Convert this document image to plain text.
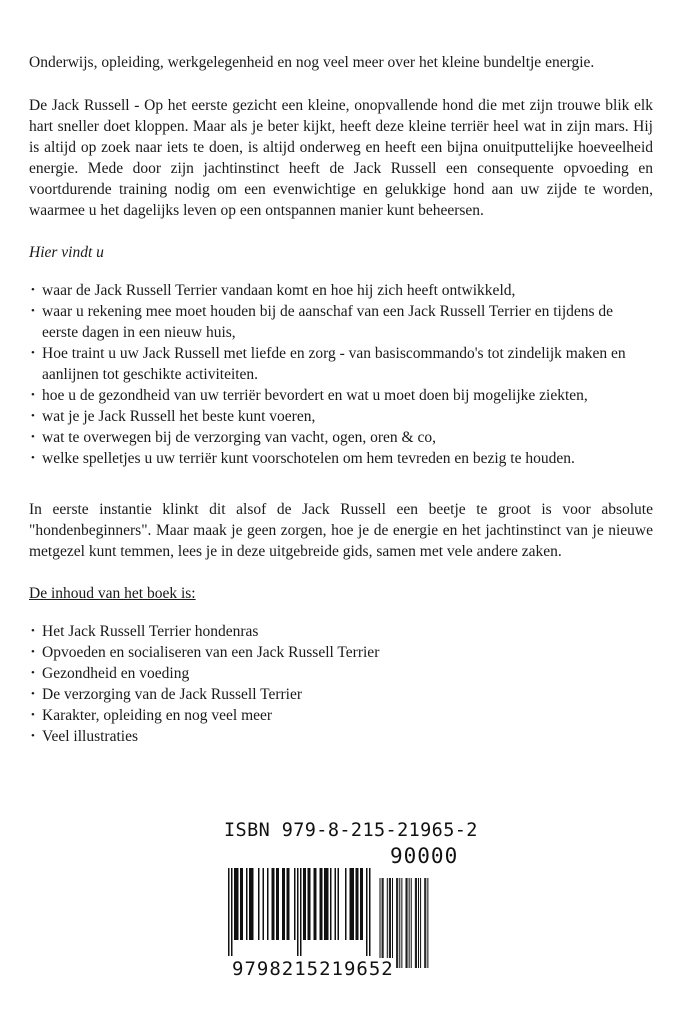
Onderwijs, opleiding, werkgelegenheid en nog veel meer over het kleine bundeltje energie.

De Jack Russell - Op het eerste gezicht een kleine, onopvallende hond die met zijn trouwe blik elk hart sneller doet kloppen. Maar als je beter kijkt, heeft deze kleine terriër heel wat in zijn mars. Hij is altijd op zoek naar iets te doen, is altijd onderweg en heeft een bijna onuitputtelijke hoeveelheid energie. Mede door zijn jachtinstinct heeft de Jack Russell een consequente opvoeding en voortdurende training nodig om een evenwichtige en gelukkige hond aan uw zijde te worden, waarmee u het dagelijks leven op een ontspannen manier kunt beheersen.

Hier vindt u

• waar de Jack Russell Terrier vandaan komt en hoe hij zich heeft ontwikkeld,
• waar u rekening mee moet houden bij de aanschaf van een Jack Russell Terrier en tijdens de eerste dagen in een nieuw huis,
• Hoe traint u uw Jack Russell met liefde en zorg - van basiscommando's tot zindelijk maken en aanlijnen tot geschikte activiteiten.
• hoe u de gezondheid van uw terriër bevordert en wat u moet doen bij mogelijke ziekten,
• wat je je Jack Russell het beste kunt voeren,
• wat te overwegen bij de verzorging van vacht, ogen, oren & co,
• welke spelletjes u uw terriër kunt voorschotelen om hem tevreden en bezig te houden.

In eerste instantie klinkt dit alsof de Jack Russell een beetje te groot is voor absolute "hondenbeginners". Maar maak je geen zorgen, hoe je de energie en het jachtinstinct van je nieuwe metgezel kunt temmen, lees je in deze uitgebreide gids, samen met vele andere zaken.

De inhoud van het boek is:

• Het Jack Russell Terrier hondenras
• Opvoeden en socialiseren van een Jack Russell Terrier
• Gezondheid en voeding
• De verzorging van de Jack Russell Terrier
• Karakter, opleiding en nog veel meer
• Veel illustraties
ISBN 979-8-215-21965-2
90000
9798215219652
